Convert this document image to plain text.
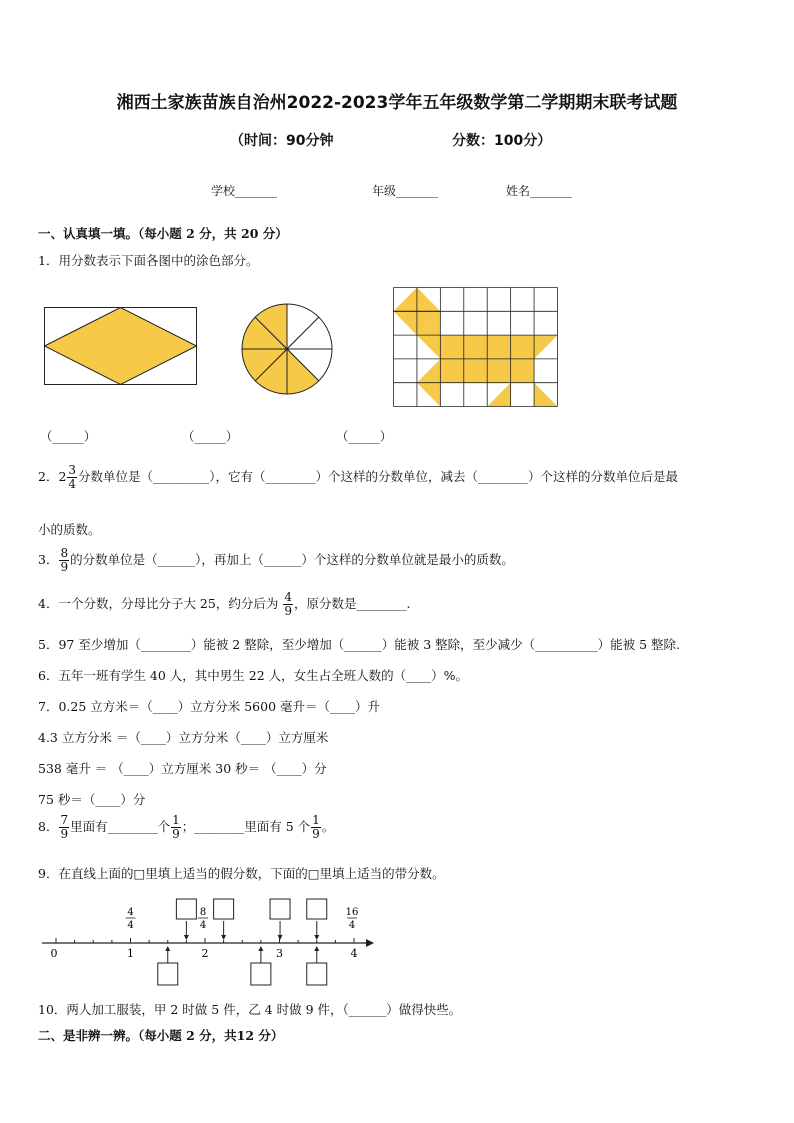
湘西土家族苗族自治州2022-2023学年五年级数学第二学期期末联考试题
（时间：90分钟	分数：100分）
学校_______	年级_______	姓名_______
一、认真填一填。（每小题 2 分，共 20 分）
1．用分数表示下面各图中的涂色部分。
（_____）	（_____）	（_____）
2．$2 \frac{3}{4}$ 分数单位是（_________），它有（________）个这样的分数单位，减去（________）个这样的分数单位后是最
小的质数。
3． $\frac{8}{9}$ 的分数单位是（______），再加上（______）个这样的分数单位就是最小的质数。
4．一个分数，分母比分子大 25，约分后为 $\frac{4}{9}$ ，原分数是________.
5．97 至少增加（________）能被 2 整除，至少增加（______）能被 3 整除，至少减少（__________）能被 5 整除.
6．五年一班有学生 40 人，其中男生 22 人，女生占全班人数的（____）%。
7．0.25 立方米＝（____）立方分米 5600 毫升＝（____）升
4.3 立方分米 ＝（____）立方分米（____）立方厘米
538 毫升 ＝ （____）立方厘米 30 秒＝ （____）分
75 秒＝（____）分
8． $\frac{7}{9}$ 里面有________个 $\frac{1}{9}$ ；________里面有 5 个 $\frac{1}{9}$ 。
9．在直线上面的□里填上适当的假分数，下面的□里填上适当的带分数。
0	1	2	3	4
4
4
8
4
16
4
10．两人加工服装，甲 2 时做 5 件，乙 4 时做 9 件，（______）做得快些。
二、是非辨一辨。（每小题 2 分，共12 分）
